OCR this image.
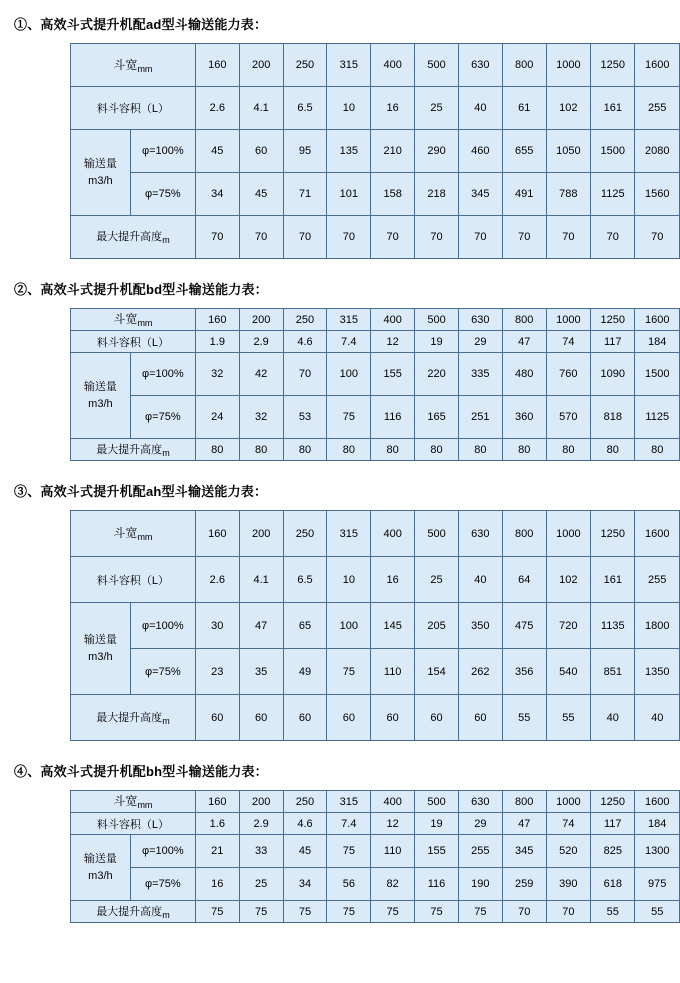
①、高效斗式提升机配ad型斗输送能力表：
斗宽$_{mm}$		160	200	250	315	400	500	630	800	1000	1250	1600
料斗容积（L）		2.6	4.1	6.5	10	16	25	40	61	102	161	255

输送量
m3/h	φ=100%	45	60	95	135	210	290	460	655	1050	1500	2080
	φ=75%	34	45	71	101	158	218	345	491	788	1125	1560
最大提升高度$_m$		70	70	70	70	70	70	70	70	70	70	70
②、高效斗式提升机配bd型斗输送能力表：
斗宽$_{mm}$		160	200	250	315	400	500	630	800	1000	1250	1600
料斗容积（L）		1.9	2.9	4.6	7.4	12	19	29	47	74	117	184

输送量
m3/h	φ=100%	32	42	70	100	155	220	335	480	760	1090	1500
	φ=75%	24	32	53	75	116	165	251	360	570	818	1125
最大提升高度$_m$		80	80	80	80	80	80	80	80	80	80	80
③、高效斗式提升机配ah型斗输送能力表：
斗宽$_{mm}$		160	200	250	315	400	500	630	800	1000	1250	1600
料斗容积（L）		2.6	4.1	6.5	10	16	25	40	64	102	161	255

输送量
m3/h	φ=100%	30	47	65	100	145	205	350	475	720	1135	1800
	φ=75%	23	35	49	75	110	154	262	356	540	851	1350
最大提升高度$_m$		60	60	60	60	60	60	60	55	55	40	40
④、高效斗式提升机配bh型斗输送能力表：
斗宽$_{mm}$		160	200	250	315	400	500	630	800	1000	1250	1600
料斗容积（L）		1.6	2.9	4.6	7.4	12	19	29	47	74	117	184

输送量
m3/h	φ=100%	21	33	45	75	110	155	255	345	520	825	1300
	φ=75%	16	25	34	56	82	116	190	259	390	618	975
最大提升高度$_m$		75	75	75	75	75	75	75	70	70	55	55
